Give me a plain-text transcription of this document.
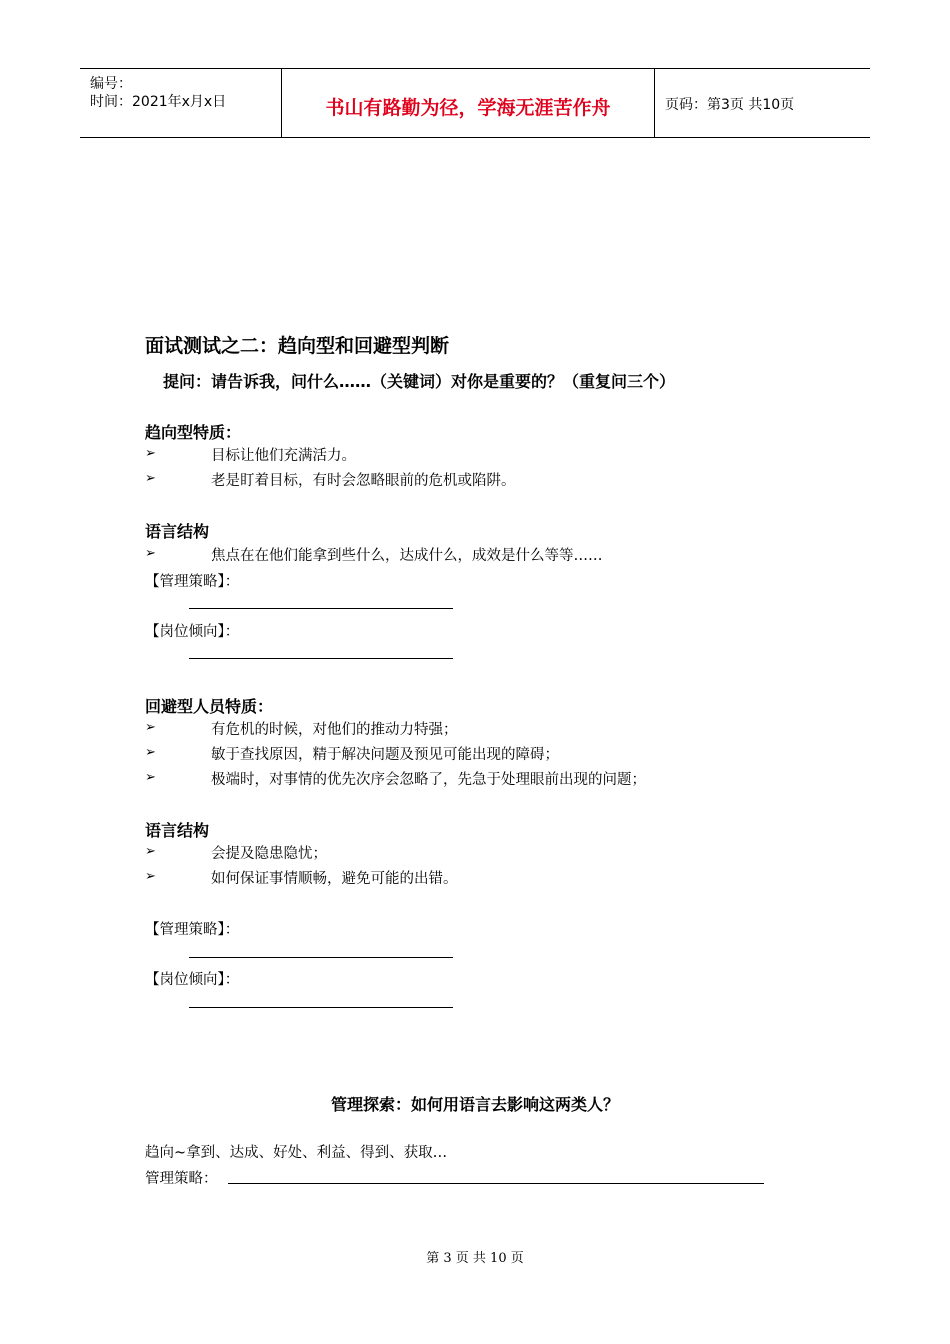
编号：
时间：2021年x月x日	书山有路勤为径，学海无涯苦作舟	页码：第3页 共10页
面试测试之二：趋向型和回避型判断
提问：请告诉我，问什么……（关键词）对你是重要的？（重复问三个）
趋向型特质：
➢	目标让他们充满活力。
➢	老是盯着目标，有时会忽略眼前的危机或陷阱。
语言结构
➢	焦点在在他们能拿到些什么，达成什么，成效是什么等等……
【管理策略】：
【岗位倾向】：
回避型人员特质：
➢	有危机的时候，对他们的推动力特强；
➢	敏于查找原因，精于解决问题及预见可能出现的障碍；
➢	极端时，对事情的优先次序会忽略了，先急于处理眼前出现的问题；
语言结构
➢	会提及隐患隐忧；
➢	如何保证事情顺畅，避免可能的出错。
【管理策略】：
【岗位倾向】：
管理探索：如何用语言去影响这两类人？
趋向~拿到、达成、好处、利益、得到、获取…
管理策略：
第 3 页 共 10 页
